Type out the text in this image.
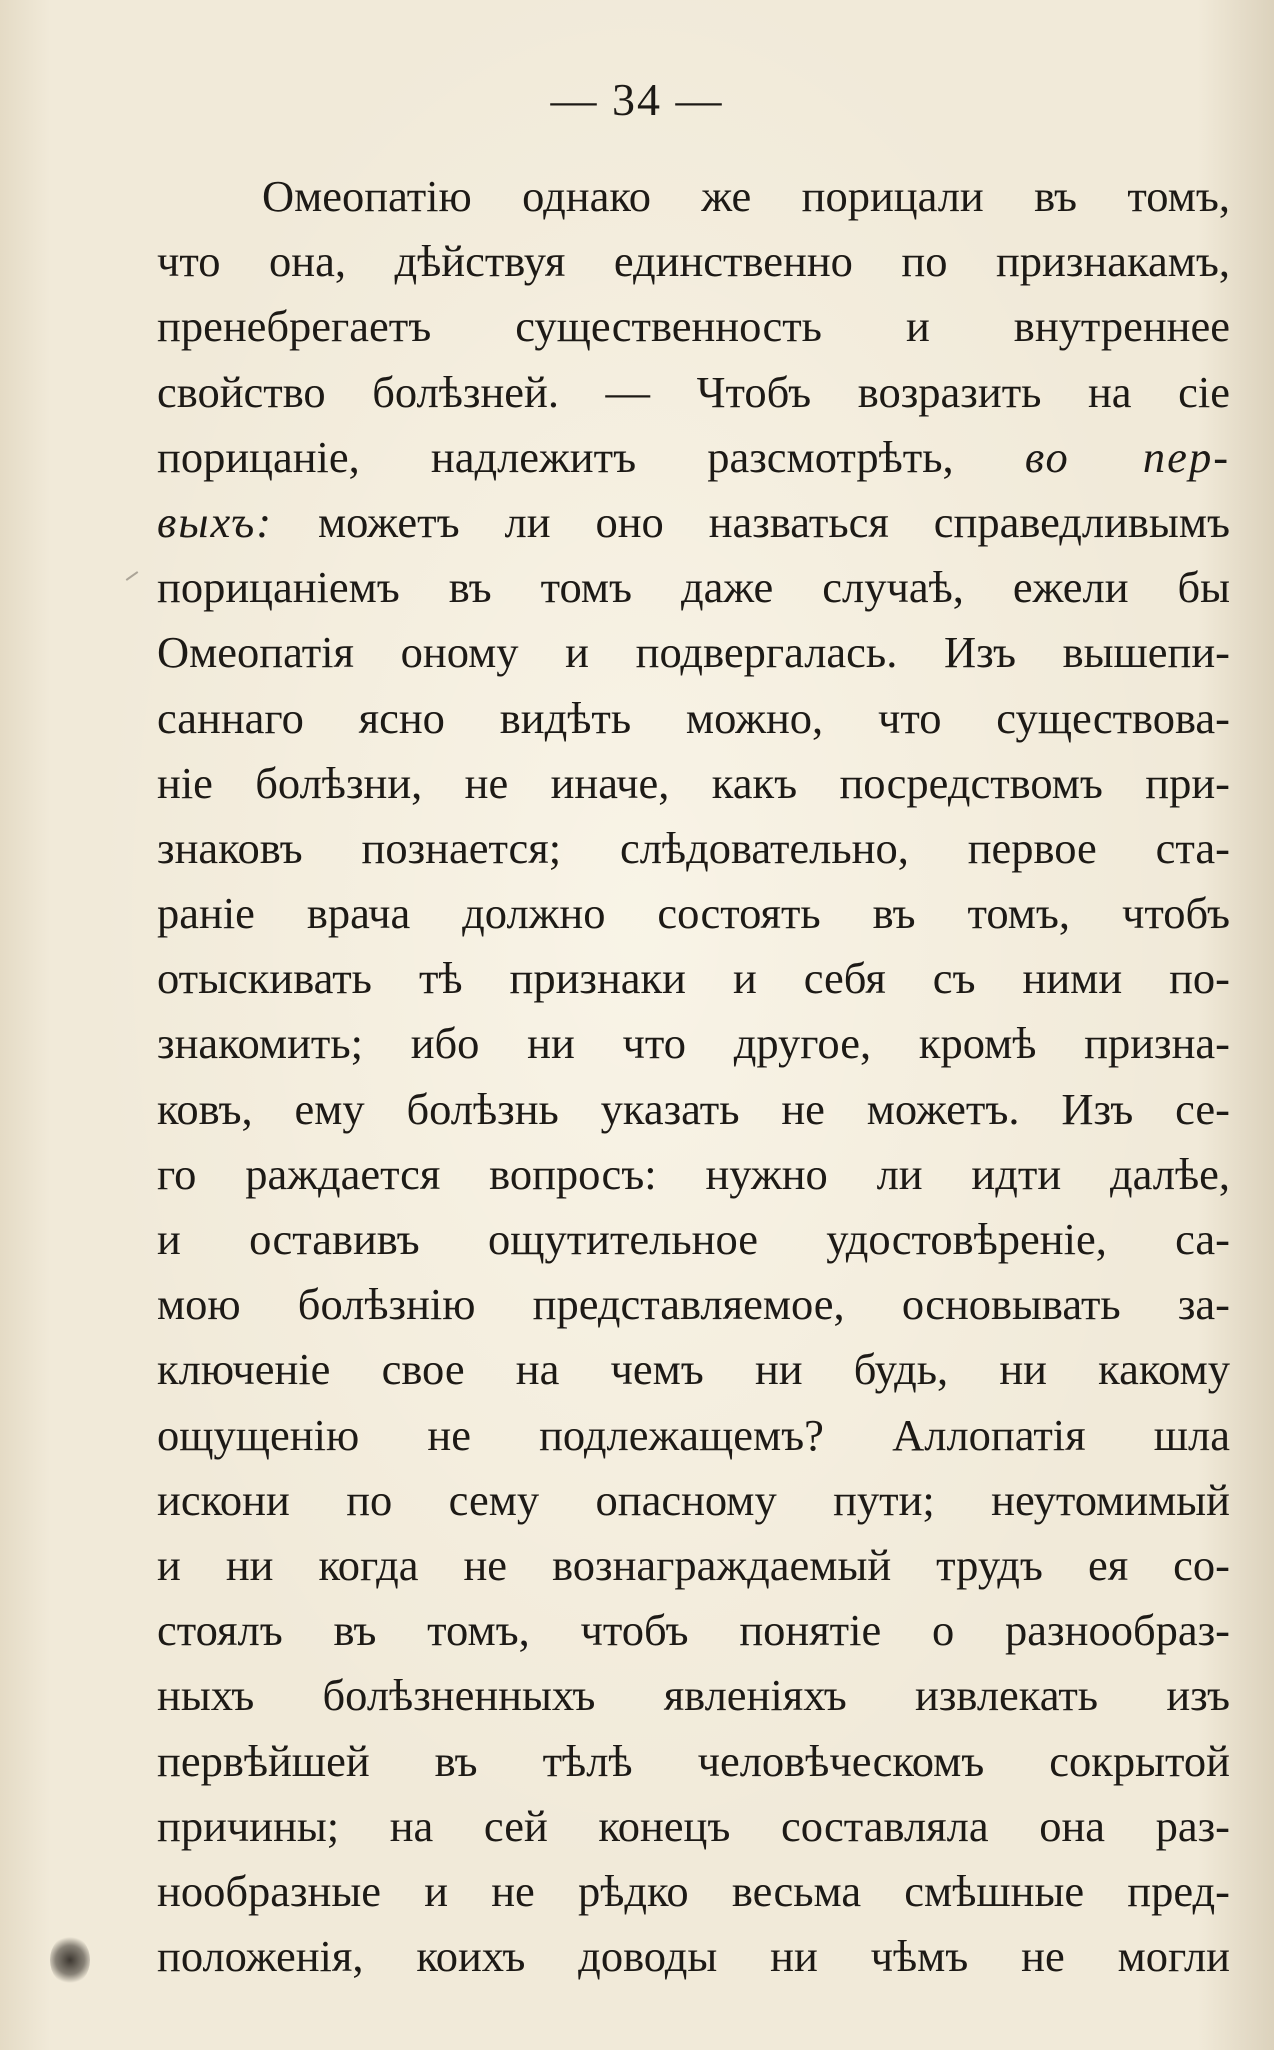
— 34 —
Омеопатію однако же порицали въ томъ,
что она, дѣйствуя единственно по признакамъ,
пренебрегаетъ существенность и внутреннее
свойство болѣзней. — Чтобъ возразить на сіе
порицаніе, надлежитъ разсмотрѣть, во пер-
выхъ: можетъ ли оно назваться справедливымъ
порицаніемъ въ томъ даже случаѣ, ежели бы
Омеопатія оному и подвергалась. Изъ вышепи-
саннаго ясно видѣть можно, что существова-
ніе болѣзни, не иначе, какъ посредствомъ при-
знаковъ познается; слѣдовательно, первое ста-
раніе врача должно состоять въ томъ, чтобъ
отыскивать тѣ признаки и себя съ ними по-
знакомить; ибо ни что другое, кромѣ призна-
ковъ, ему болѣзнь указать не можетъ. Изъ се-
го раждается вопросъ: нужно ли идти далѣе,
и оставивъ ощутительное удостовѣреніе, са-
мою болѣзнію представляемое, основывать за-
ключеніе свое на чемъ ни будь, ни какому
ощущенію не подлежащемъ? Аллопатія шла
искони по сему опасному пути; неутомимый
и ни когда не вознаграждаемый трудъ ея со-
стоялъ въ томъ, чтобъ понятіе о разнообраз-
ныхъ болѣзненныхъ явленіяхъ извлекать изъ
первѣйшей въ тѣлѣ человѣческомъ сокрытой
причины; на сей конецъ составляла она раз-
нообразные и не рѣдко весьма смѣшные пред-
положенія, коихъ доводы ни чѣмъ не могли
